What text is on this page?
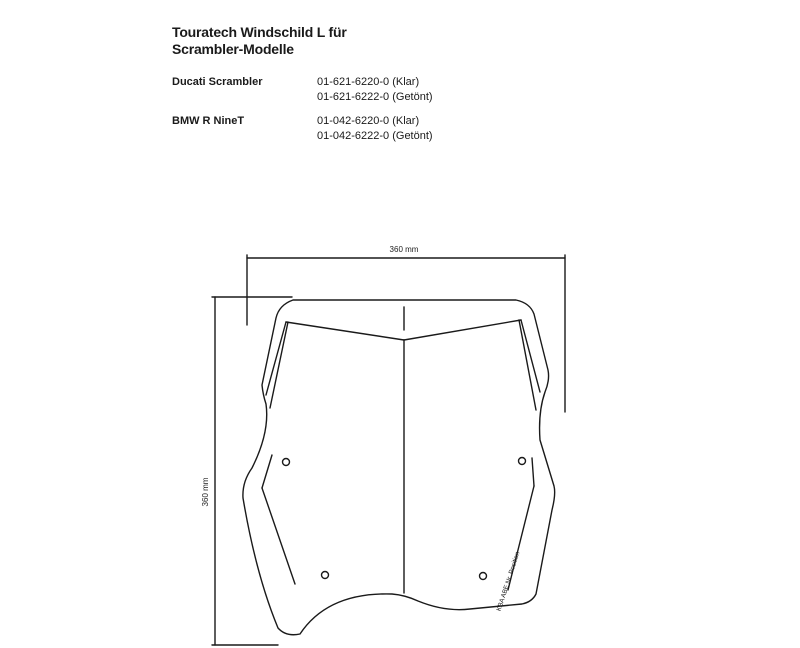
Touratech Windschild L für
Scrambler-Modelle
Ducati Scrambler	01-621-6220-0 (Klar)
01-621-6222-0 (Getönt)
BMW R NineT	01-042-6220-0 (Klar)
01-042-6222-0 (Getönt)
360 mm
360 mm
KBA ABE Nr. Position
